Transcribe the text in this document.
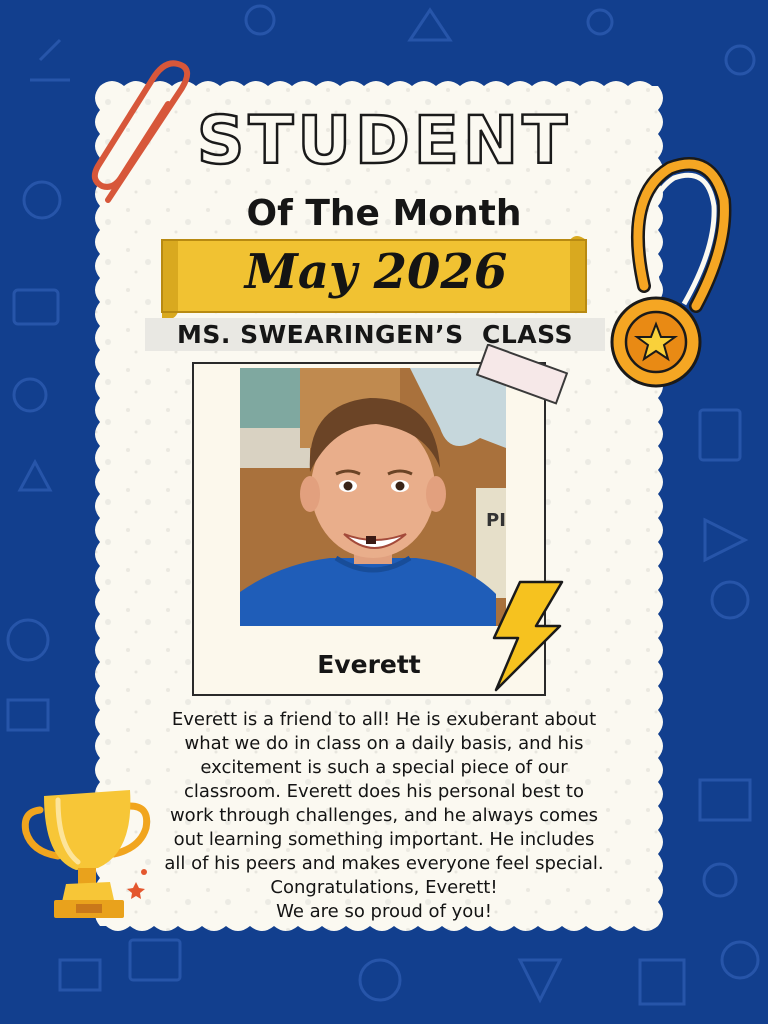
STUDENT
Of The Month
May 2026
MS. SWEARINGEN’S  CLASS
PI
Everett

Everett is a friend to all! He is exuberant about

what we do in class on a daily basis, and his

excitement is such a special piece of our

classroom. Everett does his personal best to

work through challenges, and he always comes

out learning something important. He includes

all of his peers and makes everyone feel special.

Congratulations, Everett!

We are so proud of you!
